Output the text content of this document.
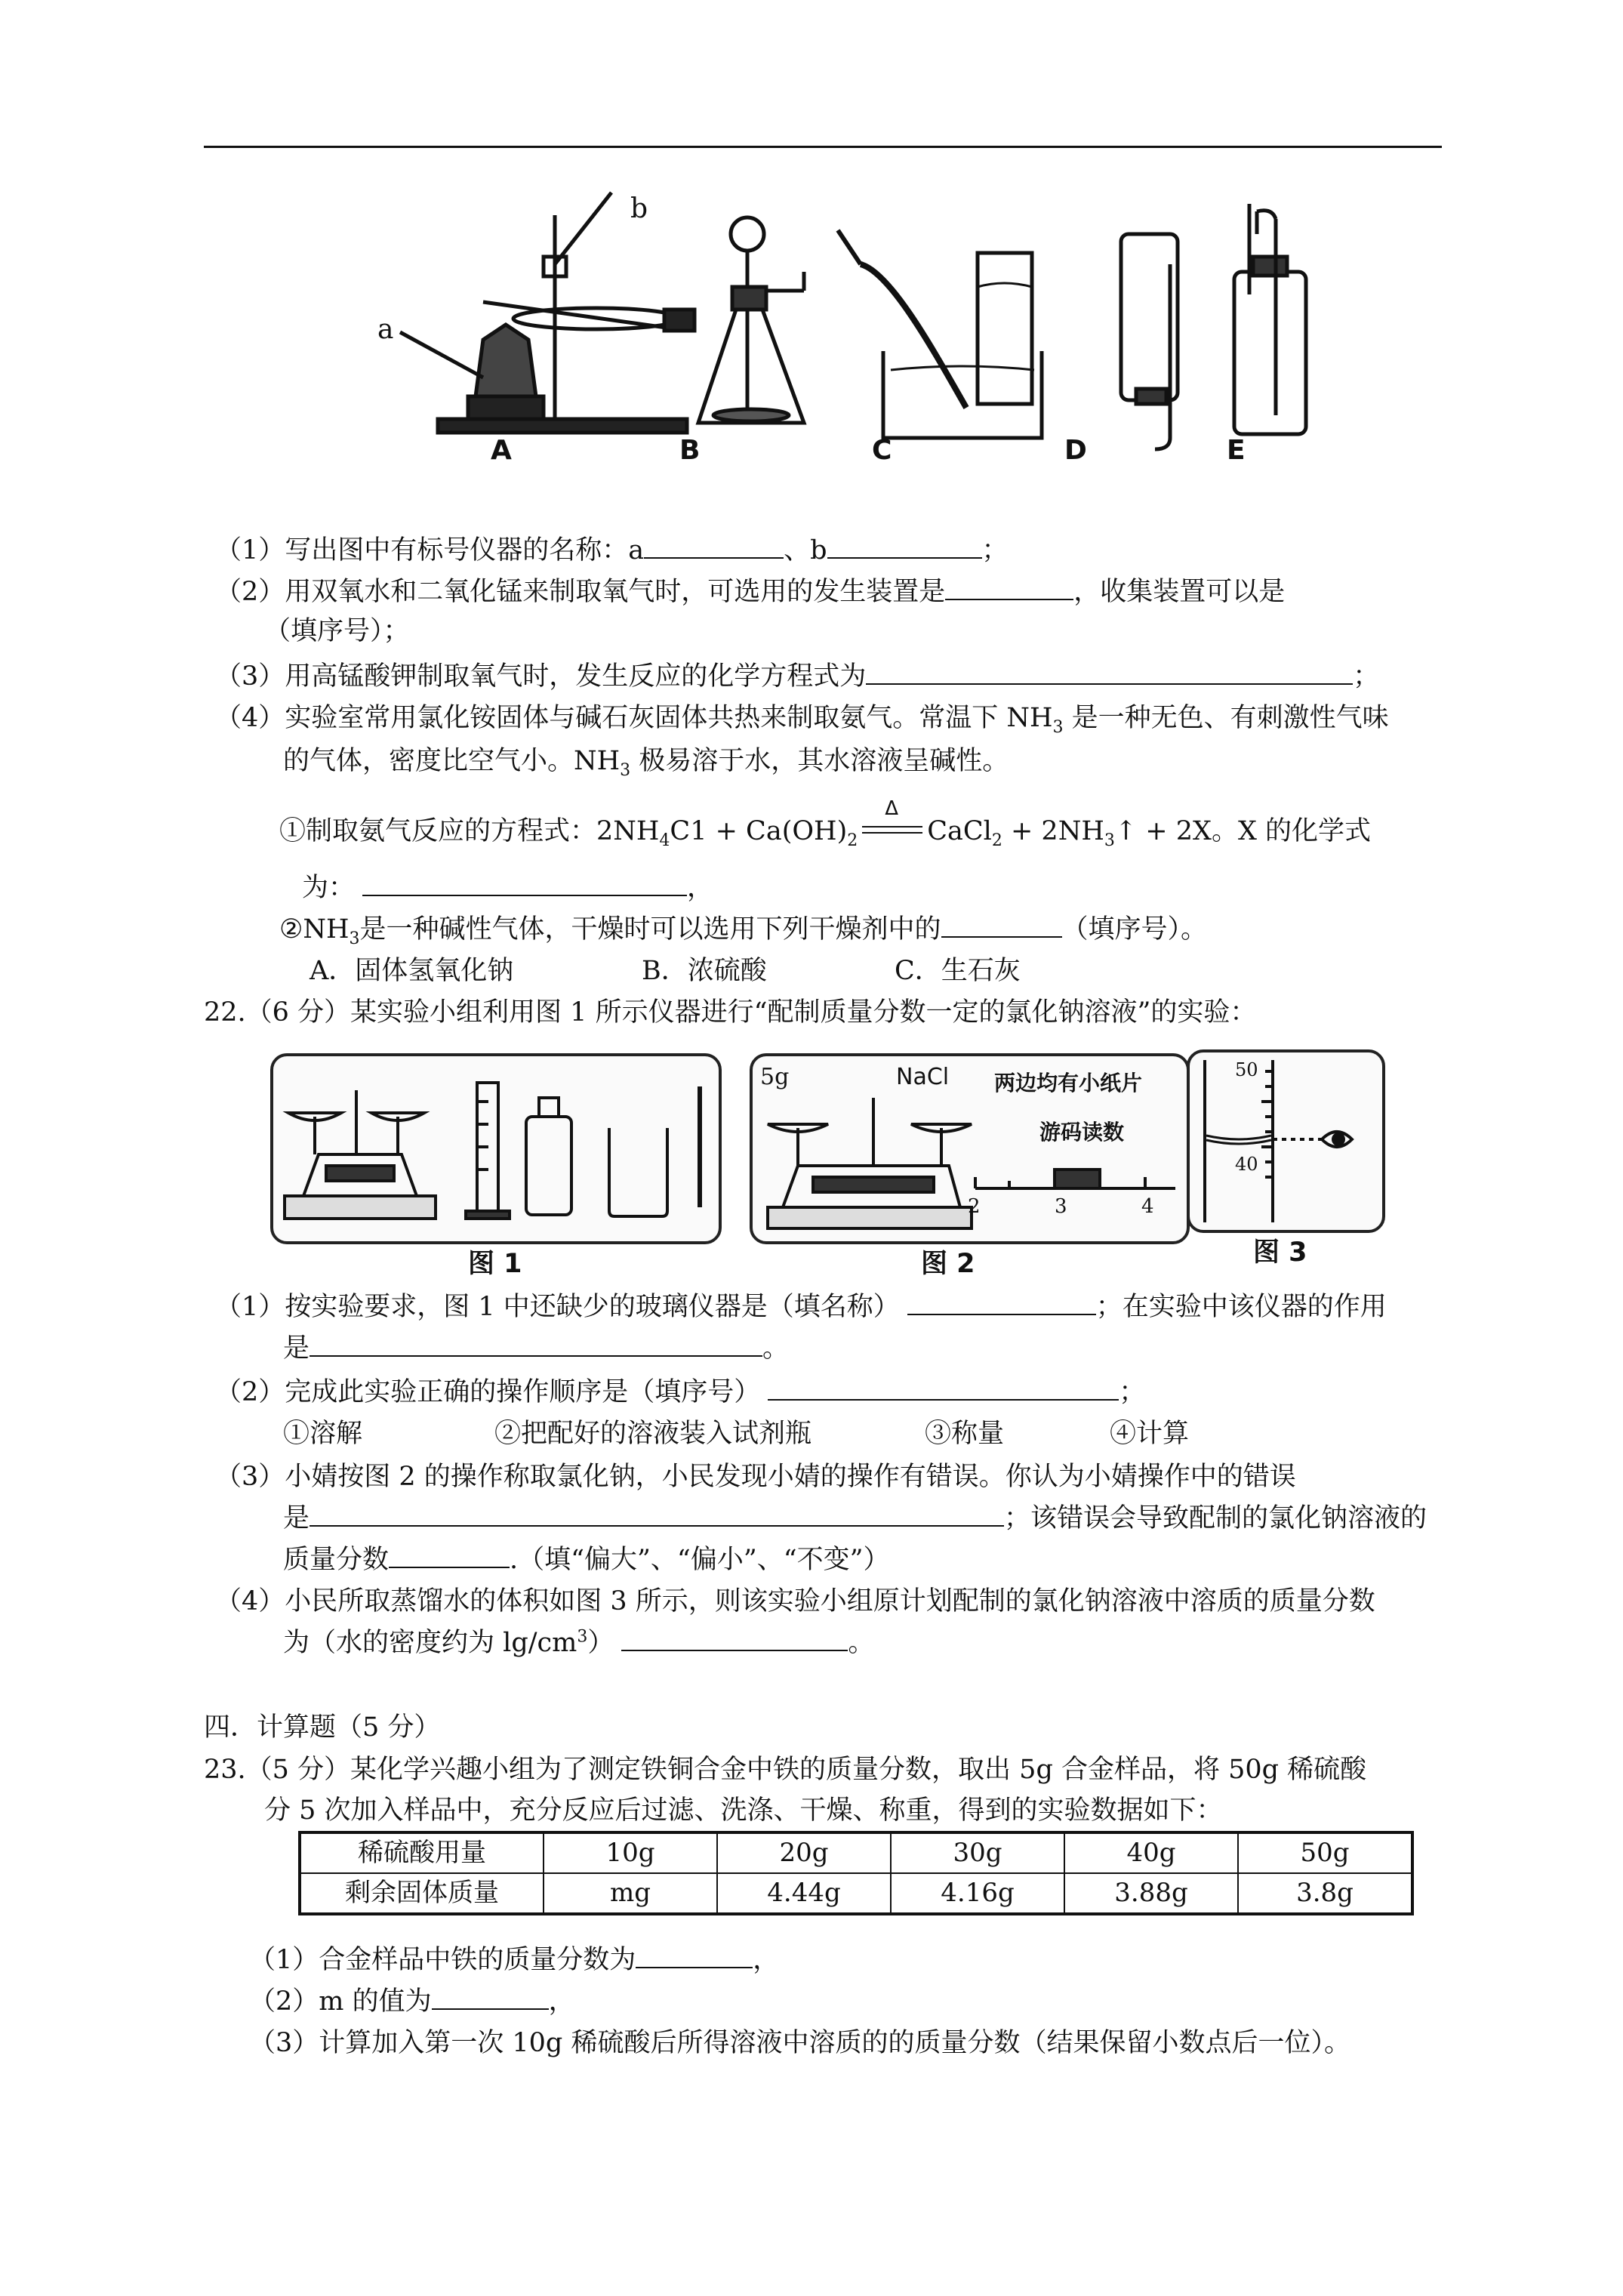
a
b
A	B	C	D	E
（1）写出图中有标号仪器的名称：a	、b	；
（2）用双氧水和二氧化锰来制取氧气时，可选用的发生装置是	，收集装置可以是
（填序号）；
（3）用高锰酸钾制取氧气时，发生反应的化学方程式为	；
（4）实验室常用氯化铵固体与碱石灰固体共热来制取氨气。常温下 $NH_3$ 是一种无色、有刺激性气味
的气体，密度比空气小。$NH_3$ 极易溶于水，其水溶液呈碱性。
①制取氨气反应的方程式：$2NH_4C1 + Ca(OH)_2$
Δ
CaCl$_2$ + $2NH_3↑ + 2X$。X 的化学式
为：	，
$②NH_3$是一种碱性气体，干燥时可以选用下列干燥剂中的	（填序号）。
A．固体氢氧化钠	B．浓硫酸	C．生石灰
22.（6 分）某实验小组利用图 1 所示仪器进行“配制质量分数一定的氯化钠溶液”的实验：
图 1
5g	NaCl 两边均有小纸片
游码读数
2	3	4
图 2
50
40
图 3
（1）按实验要求，图 1 中还缺少的玻璃仪器是（填名称）	；在实验中该仪器的作用
是	。
（2）完成此实验正确的操作顺序是（填序号）	；
①溶解	②把配好的溶液装入试剂瓶	③称量	④计算
（3）小婧按图 2 的操作称取氯化钠，小民发现小婧的操作有错误。你认为小婧操作中的错误
是	；该错误会导致配制的氯化钠溶液的
质量分数	.（填“偏大”、“偏小”、“不变”）
（4）小民所取蒸馏水的体积如图 3 所示，则该实验小组原计划配制的氯化钠溶液中溶质的质量分数
为（水的密度约为 $\lg/cm^3$）	。
四．计算题（5 分）
23.（5 分）某化学兴趣小组为了测定铁铜合金中铁的质量分数，取出 5g 合金样品，将 50g 稀硫酸
分 5 次加入样品中，充分反应后过滤、洗涤、干燥、称重，得到的实验数据如下：
稀硫酸用量	10g	20g	30g	40g	50g
剩余固体质量	mg	4.44g	4.16g	3.88g	3.8g
（1）合金样品中铁的质量分数为	，
（2）m 的值为	，
（3）计算加入第一次 10g 稀硫酸后所得溶液中溶质的的质量分数（结果保留小数点后一位）。
